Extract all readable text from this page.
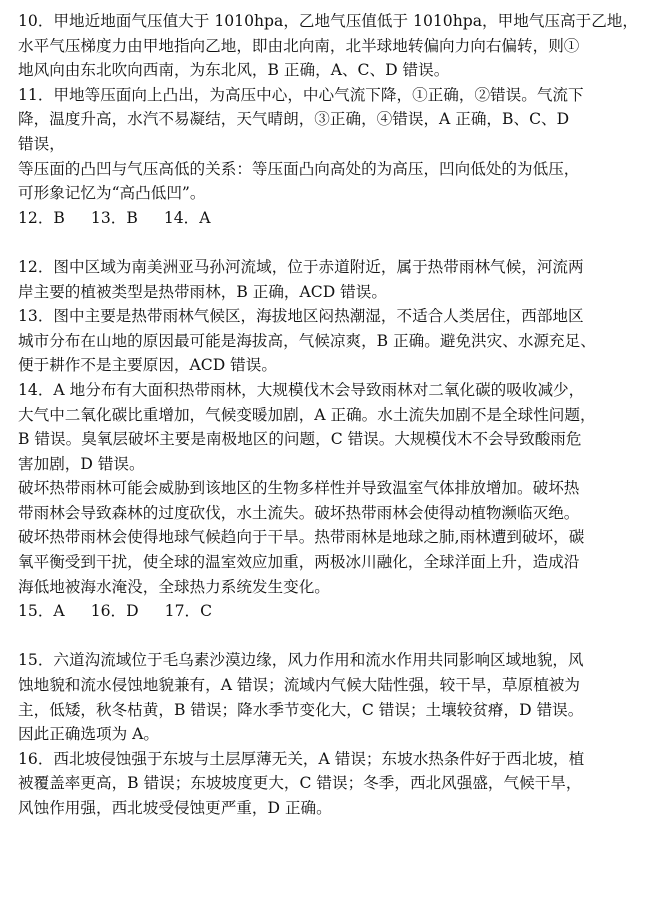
10．甲地近地面气压值大于 1010hpa，乙地气压值低于 1010hpa，甲地气压高于乙地，
水平气压梯度力由甲地指向乙地，即由北向南，北半球地转偏向力向右偏转，则①
地风向由东北吹向西南，为东北风，B 正确，A、C、D 错误。
11．甲地等压面向上凸出，为高压中心，中心气流下降，①正确，②错误。气流下
降，温度升高，水汽不易凝结，天气晴朗，③正确，④错误，A 正确，B、C、D
错误，
等压面的凸凹与气压高低的关系：等压面凸向高处的为高压，凹向低处的为低压，
可形象记忆为“高凸低凹”。
12．B 13．B 14．A
12．图中区域为南美洲亚马孙河流域，位于赤道附近，属于热带雨林气候，河流两
岸主要的植被类型是热带雨林，B 正确，ACD 错误。
13．图中主要是热带雨林气候区，海拔地区闷热潮湿，不适合人类居住，西部地区
城市分布在山地的原因最可能是海拔高，气候凉爽，B 正确。避免洪灾、水源充足、
便于耕作不是主要原因，ACD 错误。
14．A 地分布有大面积热带雨林，大规模伐木会导致雨林对二氧化碳的吸收减少，
大气中二氧化碳比重增加，气候变暖加剧，A 正确。水土流失加剧不是全球性问题，
B 错误。臭氧层破坏主要是南极地区的问题，C 错误。大规模伐木不会导致酸雨危
害加剧，D 错误。
破坏热带雨林可能会威胁到该地区的生物多样性并导致温室气体排放增加。破坏热
带雨林会导致森林的过度砍伐，水土流失。破坏热带雨林会使得动植物濒临灭绝。
破坏热带雨林会使得地球气候趋向于干旱。热带雨林是地球之肺,雨林遭到破坏，碳
氧平衡受到干扰，使全球的温室效应加重，两极冰川融化，全球洋面上升，造成沿
海低地被海水淹没，全球热力系统发生变化。
15．A 16．D 17．C
15．六道沟流域位于毛乌素沙漠边缘，风力作用和流水作用共同影响区域地貌，风
蚀地貌和流水侵蚀地貌兼有，A 错误；流域内气候大陆性强，较干旱，草原植被为
主，低矮，秋冬枯黄，B 错误；降水季节变化大，C 错误；土壤较贫瘠，D 错误。
因此正确选项为 A。
16．西北坡侵蚀强于东坡与土层厚薄无关，A 错误；东坡水热条件好于西北坡，植
被覆盖率更高，B 错误；东坡坡度更大，C 错误；冬季，西北风强盛，气候干旱，
风蚀作用强，西北坡受侵蚀更严重，D 正确。
